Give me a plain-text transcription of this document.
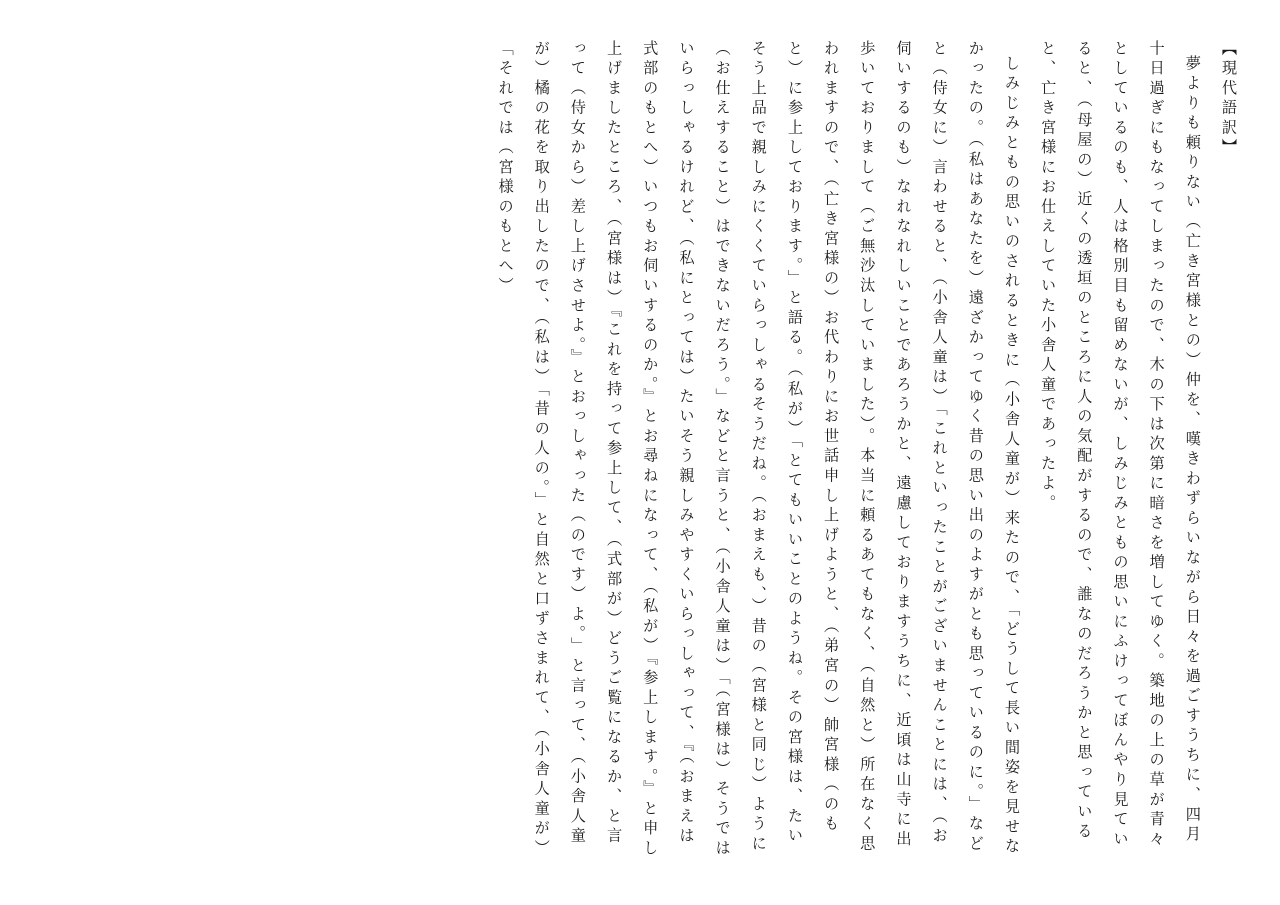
【現代語訳】

夢よりも頼りない（亡き宮様との）仲を、嘆きわずらいながら日々を過ごすうちに、四月十日過ぎにもなってしまったので、木の下は次第に暗さを増してゆく。築地の上の草が青々としているのも、人は格別目も留めないが、しみじみともの思いにふけってぼんやり見ていると、（母屋の）近くの透垣のところに人の気配がするので、誰なのだろうかと思っていると、亡き宮様にお仕えしていた小舎人童であったよ。

しみじみともの思いのされるときに（小舎人童が）来たので、「どうして長い間姿を見せなかったの。（私はあなたを）遠ざかってゆく昔の思い出のよすがとも思っているのに。」などと（侍女に）言わせると、（小舎人童は）「これといったことがございませんことには、（お伺いするのも）なれなれしいことであろうかと、遠慮しておりますうちに、近頃は山寺に出歩いておりまして（ご無沙汰していました）。本当に頼るあてもなく、（自然と）所在なく思われますので、（亡き宮様の）お代わりにお世話申し上げようと、（弟宮の）帥宮様（のもと）に参上しております。」と語る。（私が）「とてもいいことのようね。その宮様は、たいそう上品で親しみにくくていらっしゃるそうだね。（おまえも、）昔の（宮様と同じ）ように（お仕えすること）はできないだろう。」などと言うと、（小舎人童は）「（宮様は）そうではいらっしゃるけれど、（私にとっては）たいそう親しみやすくいらっしゃって、『（おまえは式部のもとへ）いつもお伺いするのか。』とお尋ねになって、（私が）『参上します。』と申し上げましたところ、（宮様は）『これを持って参上して、（式部が）どうご覧になるか、と言って（侍女から）差し上げさせよ。』とおっしゃった（のです）よ。」と言って、（小舎人童が）橘の花を取り出したので、（私は）「昔の人の。」と自然と口ずさまれて、（小舎人童が）「それでは（宮様のもとへ）
